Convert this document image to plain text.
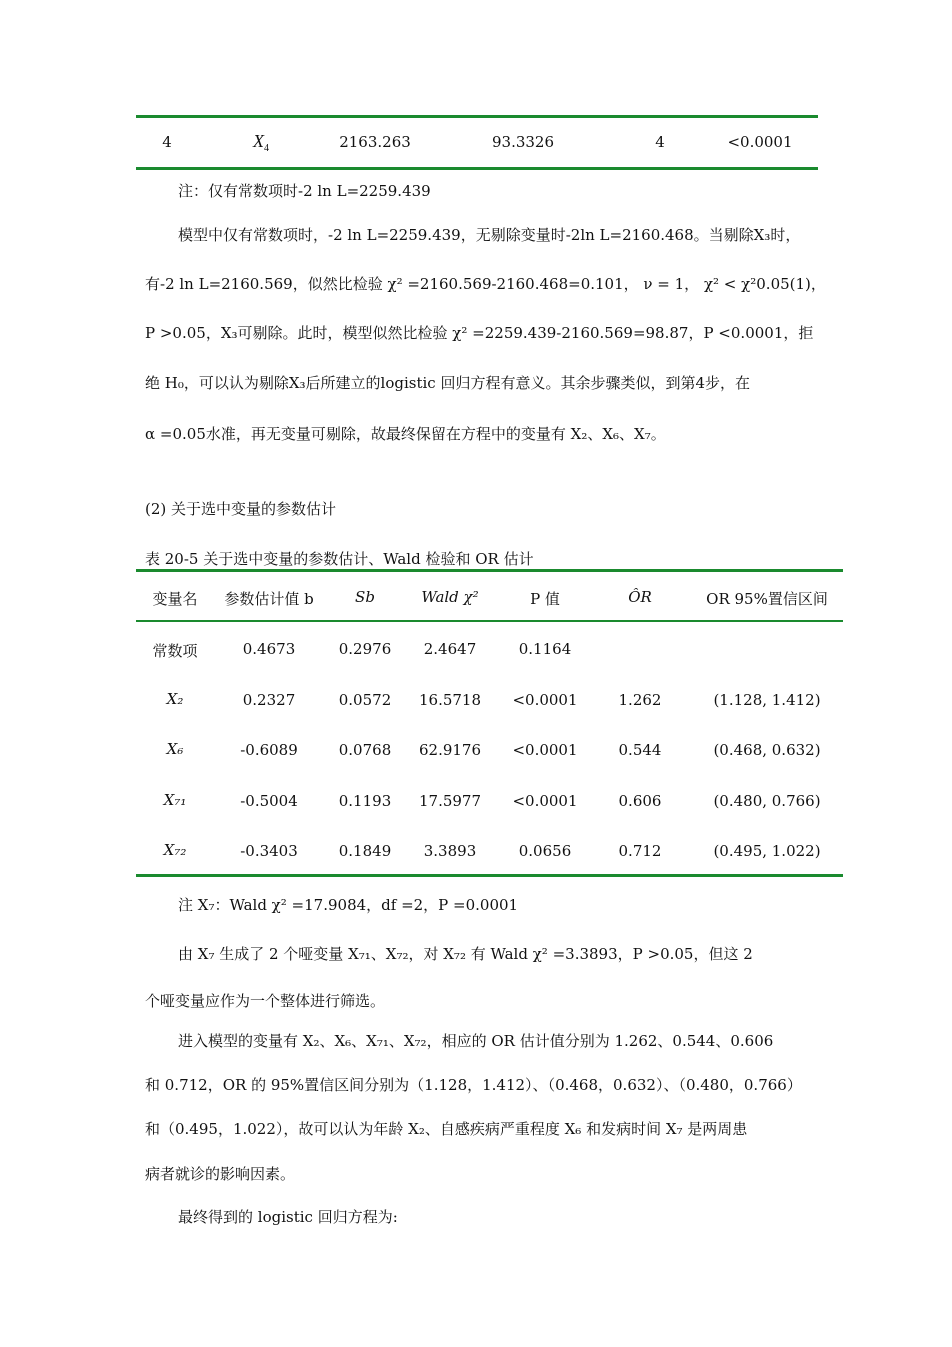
4	$X_4$	2163.263	93.3326	4	<0.0001
注：仅有常数项时-2 ln L=2259.439
模型中仅有常数项时，-2 ln L=2259.439，无剔除变量时-2ln L=2160.468。当剔除X₃时，
有-2 ln L=2160.569，似然比检验 χ² =2160.569-2160.468=0.101， ν = 1， χ² < χ²0.05(1)，
P >0.05，X₃可剔除。此时，模型似然比检验 χ² =2259.439-2160.569=98.87，P <0.0001，拒
绝 H₀，可以认为剔除X₃后所建立的logistic 回归方程有意义。其余步骤类似，到第4步，在
α =0.05水准，再无变量可剔除，故最终保留在方程中的变量有 X₂、X₆、X₇。
(2) 关于选中变量的参数估计
表 20-5 关于选中变量的参数估计、Wald 检验和 OR 估计
变量名	参数估计值 b	Sb	Wald χ²	P 值	ÔR	OR 95%置信区间
常数项	0.4673	0.2976	2.4647	0.1164
X₂	0.2327	0.0572	16.5718	<0.0001	1.262	(1.128, 1.412)
X₆	-0.6089	0.0768	62.9176	<0.0001	0.544	(0.468, 0.632)
X₇₁	-0.5004	0.1193	17.5977	<0.0001	0.606	(0.480, 0.766)
X₇₂	-0.3403	0.1849	3.3893	0.0656	0.712	(0.495, 1.022)
注 X₇：Wald χ² =17.9084，df =2，P =0.0001
由 X₇ 生成了 2 个哑变量 X₇₁、X₇₂，对 X₇₂ 有 Wald χ² =3.3893，P >0.05，但这 2
个哑变量应作为一个整体进行筛选。
进入模型的变量有 X₂、X₆、X₇₁、X₇₂，相应的 OR 估计值分别为 1.262、0.544、0.606
和 0.712，OR 的 95%置信区间分别为（1.128，1.412）、（0.468，0.632）、（0.480，0.766）
和（0.495，1.022），故可以认为年龄 X₂、自感疾病严重程度 X₆ 和发病时间 X₇ 是两周患
病者就诊的影响因素。
最终得到的 logistic 回归方程为:
